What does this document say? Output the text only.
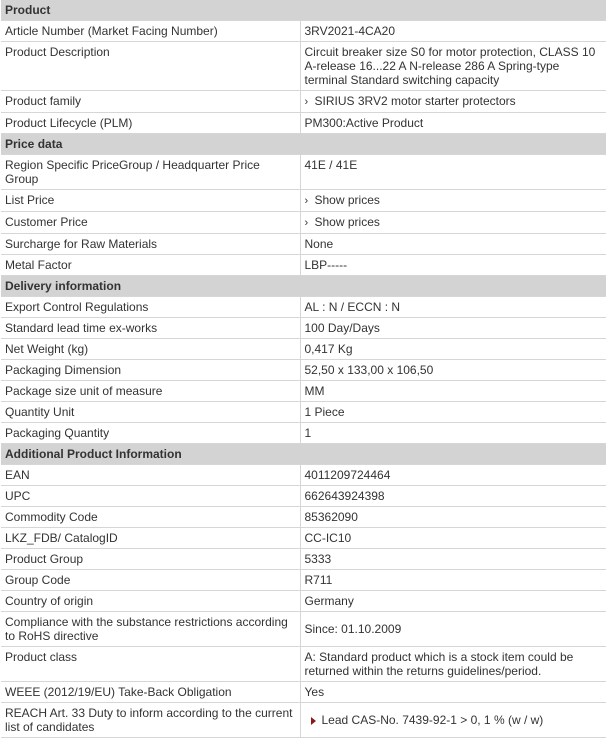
Product	
Article Number (Market Facing Number)	3RV2021-4CA20
Product Description	Circuit breaker size S0 for motor protection, CLASS 10 A-release 16...22 A N-release 286 A Spring-type terminal Standard switching capacity
Product family	› SIRIUS 3RV2 motor starter protectors
Product Lifecycle (PLM)	PM300:Active Product
Price data	
Region Specific PriceGroup / Headquarter Price Group	41E / 41E
List Price	› Show prices
Customer Price	› Show prices
Surcharge for Raw Materials	None
Metal Factor	LBP-----
Delivery information	
Export Control Regulations	AL : N / ECCN : N
Standard lead time ex-works	100 Day/Days
Net Weight (kg)	0,417 Kg
Packaging Dimension	52,50 x 133,00 x 106,50
Package size unit of measure	MM
Quantity Unit	1 Piece
Packaging Quantity	1
Additional Product Information	
EAN	4011209724464
UPC	662643924398
Commodity Code	85362090
LKZ_FDB/ CatalogID	CC-IC10
Product Group	5333
Group Code	R711
Country of origin	Germany
Compliance with the substance restrictions according to RoHS directive	Since: 01.10.2009
Product class	A: Standard product which is a stock item could be returned within the returns guidelines/period.
WEEE (2012/19/EU) Take-Back Obligation	Yes
REACH Art. 33 Duty to inform according to the current list of candidates	Lead CAS-No. 7439-92-1 > 0, 1 % (w / w)
